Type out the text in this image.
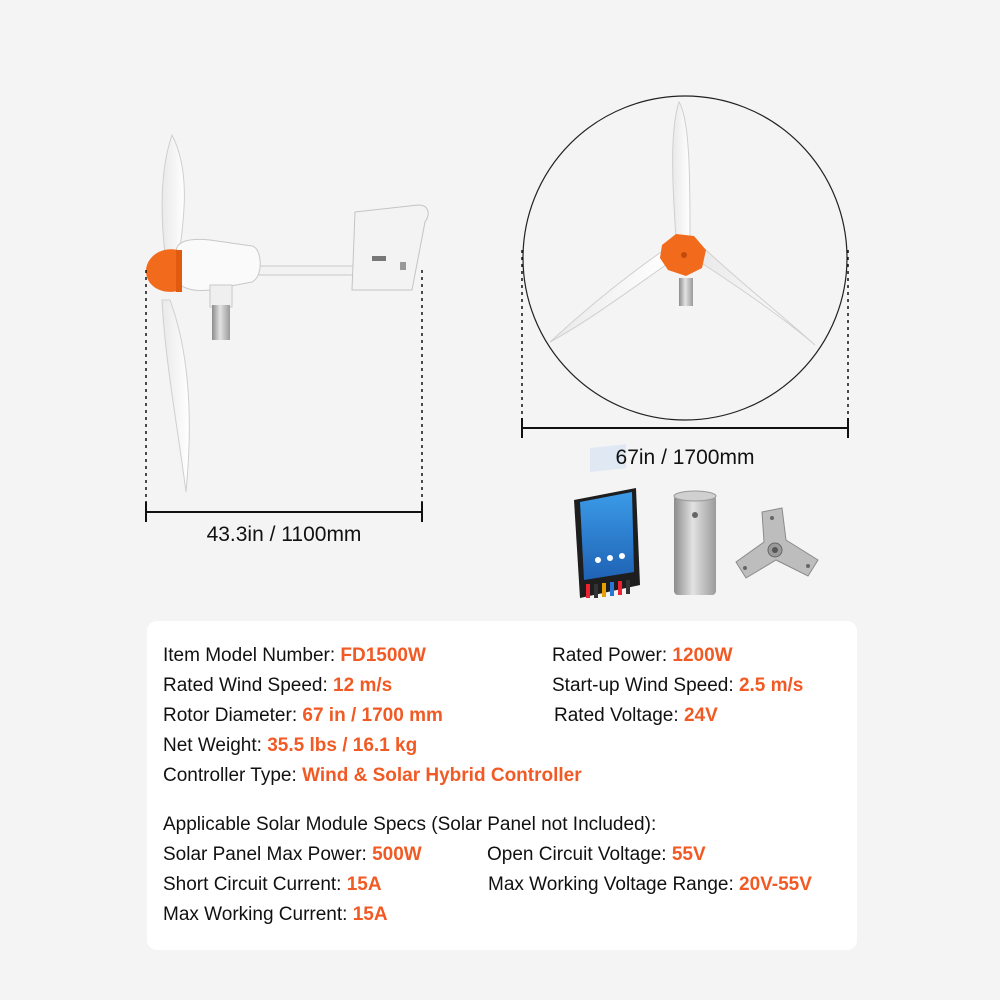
43.3in / 1100mm
67in / 1700mm
Item Model Number: FD1500W	Rated Power: 1200W
Rated Wind Speed: 12 m/s	Start-up Wind Speed: 2.5 m/s
Rotor Diameter: 67 in / 1700 mm	Rated Voltage: 24V
Net Weight: 35.5 lbs / 16.1 kg
Controller Type: Wind & Solar Hybrid Controller
Applicable Solar Module Specs (Solar Panel not Included):
Solar Panel Max Power: 500W	Open Circuit Voltage: 55V
Short Circuit Current: 15A	Max Working Voltage Range: 20V-55V
Max Working Current: 15A
